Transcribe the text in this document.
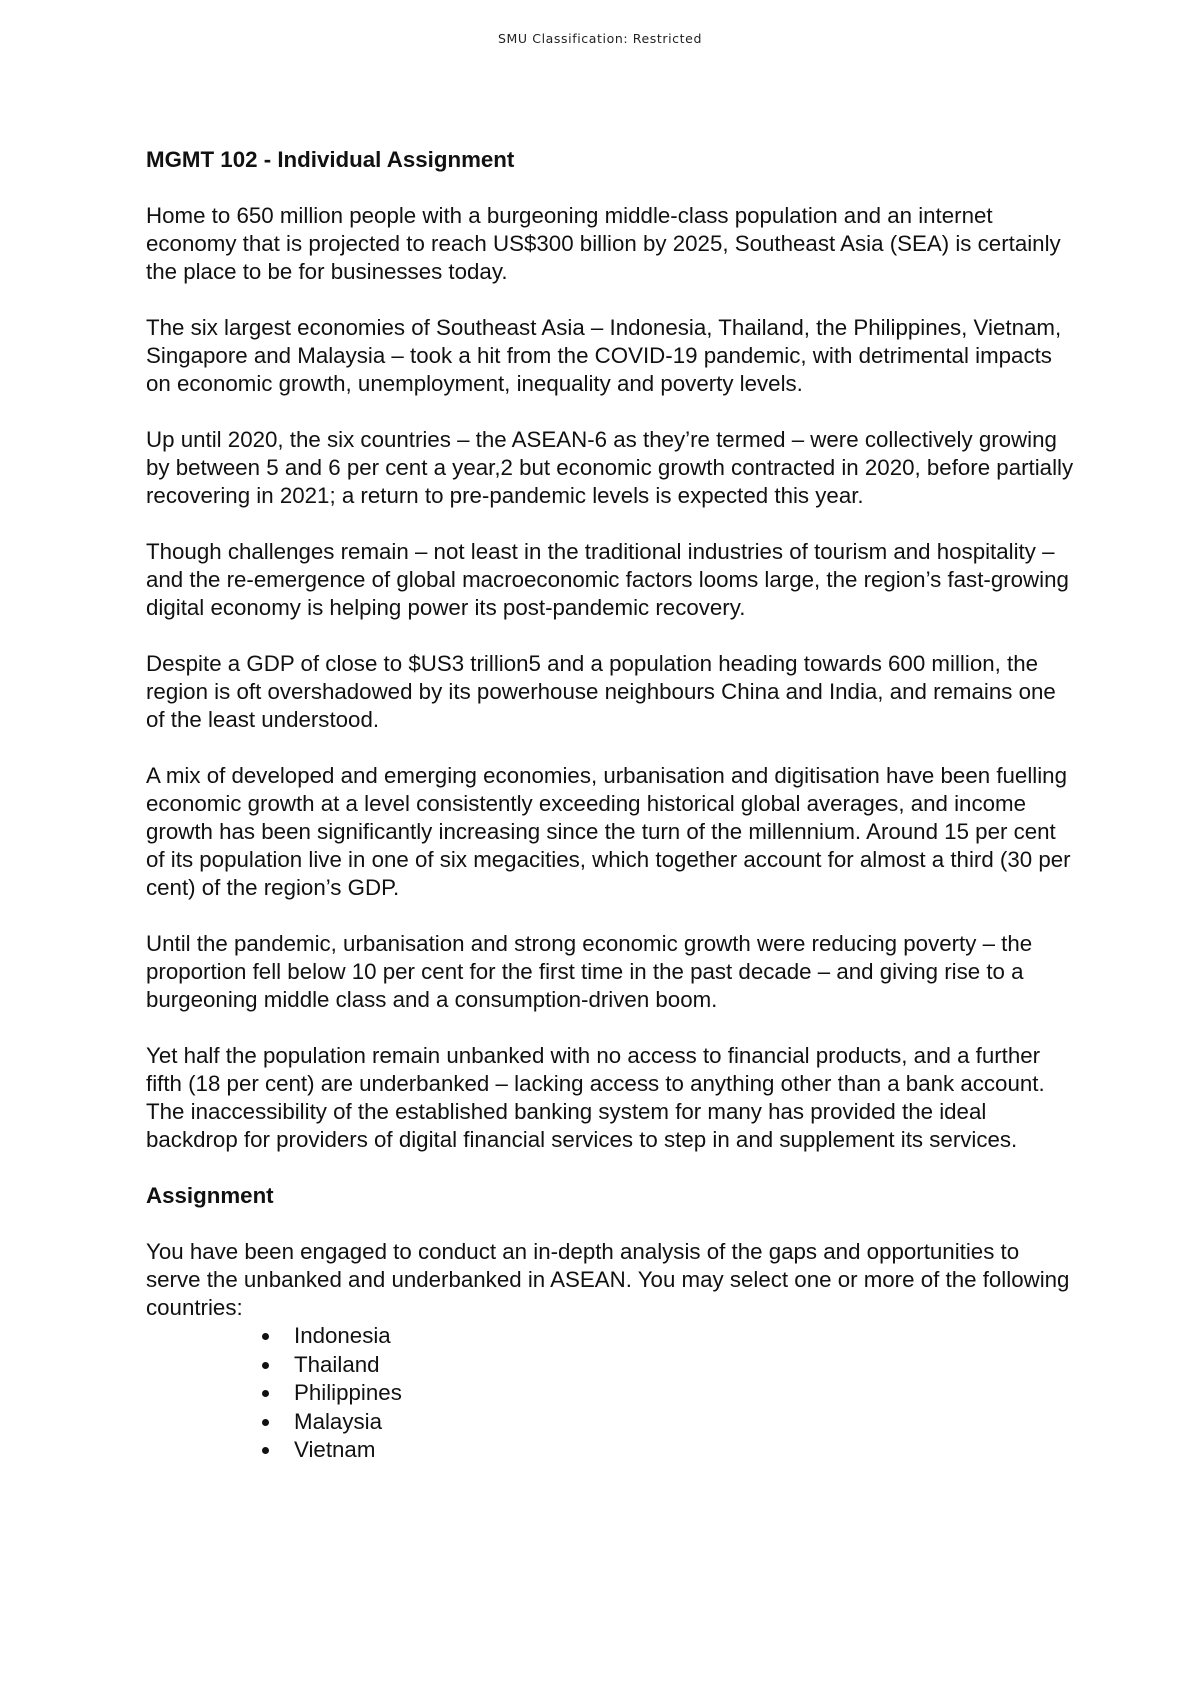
SMU Classification: Restricted
MGMT 102 - Individual Assignment

Home to 650 million people with a burgeoning middle-class population and an internet economy that is projected to reach US$300 billion by 2025, Southeast Asia (SEA) is certainly the place to be for businesses today.

The six largest economies of Southeast Asia – Indonesia, Thailand, the Philippines, Vietnam, Singapore and Malaysia – took a hit from the COVID-19 pandemic, with detrimental impacts on economic growth, unemployment, inequality and poverty levels.

Up until 2020, the six countries – the ASEAN-6 as they’re termed – were collectively growing by between 5 and 6 per cent a year,2 but economic growth contracted in 2020, before partially recovering in 2021; a return to pre-pandemic levels is expected this year.

Though challenges remain – not least in the traditional industries of tourism and hospitality – and the re-emergence of global macroeconomic factors looms large, the region’s fast-growing digital economy is helping power its post-pandemic recovery.

Despite a GDP of close to $US3 trillion5 and a population heading towards 600 million, the region is oft overshadowed by its powerhouse neighbours China and India, and remains one of the least understood.

A mix of developed and emerging economies, urbanisation and digitisation have been fuelling economic growth at a level consistently exceeding historical global averages, and income growth has been significantly increasing since the turn of the millennium. Around 15 per cent of its population live in one of six megacities, which together account for almost a third (30 per cent) of the region’s GDP.

Until the pandemic, urbanisation and strong economic growth were reducing poverty – the proportion fell below 10 per cent for the first time in the past decade – and giving rise to a burgeoning middle class and a consumption-driven boom.

Yet half the population remain unbanked with no access to financial products, and a further fifth (18 per cent) are underbanked – lacking access to anything other than a bank account. The inaccessibility of the established banking system for many has provided the ideal backdrop for providers of digital financial services to step in and supplement its services.

Assignment

You have been engaged to conduct an in-depth analysis of the gaps and opportunities to serve the unbanked and underbanked in ASEAN. You may select one or more of the following countries:

Indonesia
Thailand
Philippines
Malaysia
Vietnam
